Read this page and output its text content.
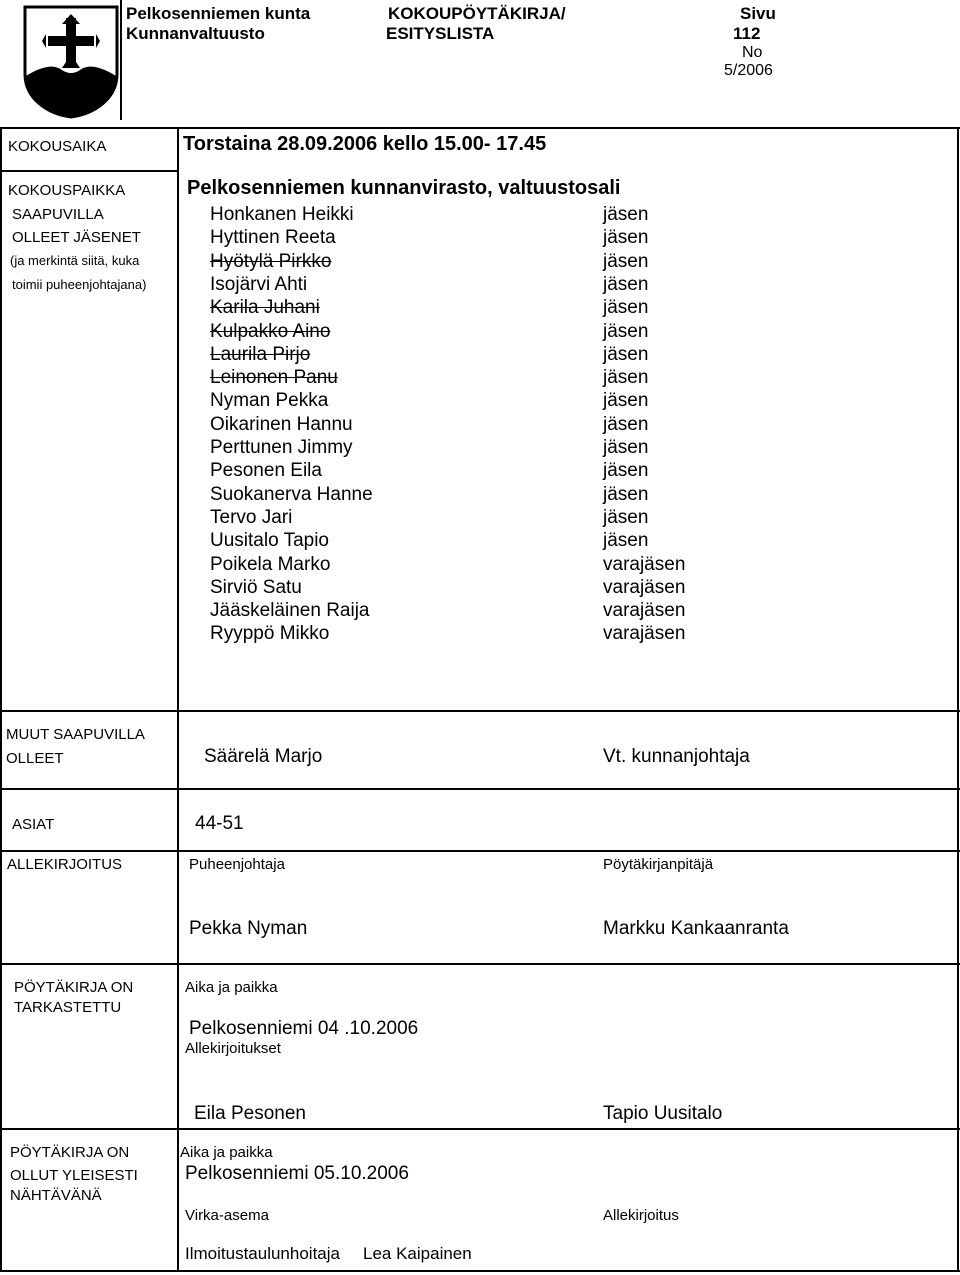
Pelkosenniemen kunta
Kunnanvaltuusto
KOKOUPÖYTÄKIRJA/
ESITYSLISTA
Sivu
112
No
5/2006
KOKOUSAIKA	Torstaina 28.09.2006 kello 15.00- 17.45
KOKOUSPAIKKA	Pelkosenniemen kunnanvirasto, valtuustosali
SAAPUVILLA
OLLEET JÄSENET
(ja merkintä siitä, kuka
toimii puheenjohtajana)
Honkanen Heikki	jäsen
Hyttinen Reeta	jäsen
Hyötylä Pirkko	jäsen
Isojärvi Ahti	jäsen
Karila Juhani	jäsen
Kulpakko Aino	jäsen
Laurila Pirjo	jäsen
Leinonen Panu	jäsen
Nyman Pekka	jäsen
Oikarinen Hannu	jäsen
Perttunen Jimmy	jäsen
Pesonen Eila	jäsen
Suokanerva Hanne	jäsen
Tervo Jari	jäsen
Uusitalo Tapio	jäsen
Poikela Marko	varajäsen
Sirviö Satu	varajäsen
Jääskeläinen Raija	varajäsen
Ryyppö Mikko	varajäsen
MUUT SAAPUVILLA
OLLEET	Säärelä Marjo	Vt. kunnanjohtaja
ASIAT	44-51
ALLEKIRJOITUS	Puheenjohtaja	Pöytäkirjanpitäjä
Pekka Nyman	Markku Kankaanranta
PÖYTÄKIRJA ON
TARKASTETTU
Aika ja paikka
Pelkosenniemi 04 .10.2006
Allekirjoitukset
Eila Pesonen	Tapio Uusitalo
PÖYTÄKIRJA ON
OLLUT YLEISESTI
NÄHTÄVÄNÄ
Aika ja paikka
Pelkosenniemi 05.10.2006
Virka-asema	Allekirjoitus
Ilmoitustaulunhoitaja Lea Kaipainen
